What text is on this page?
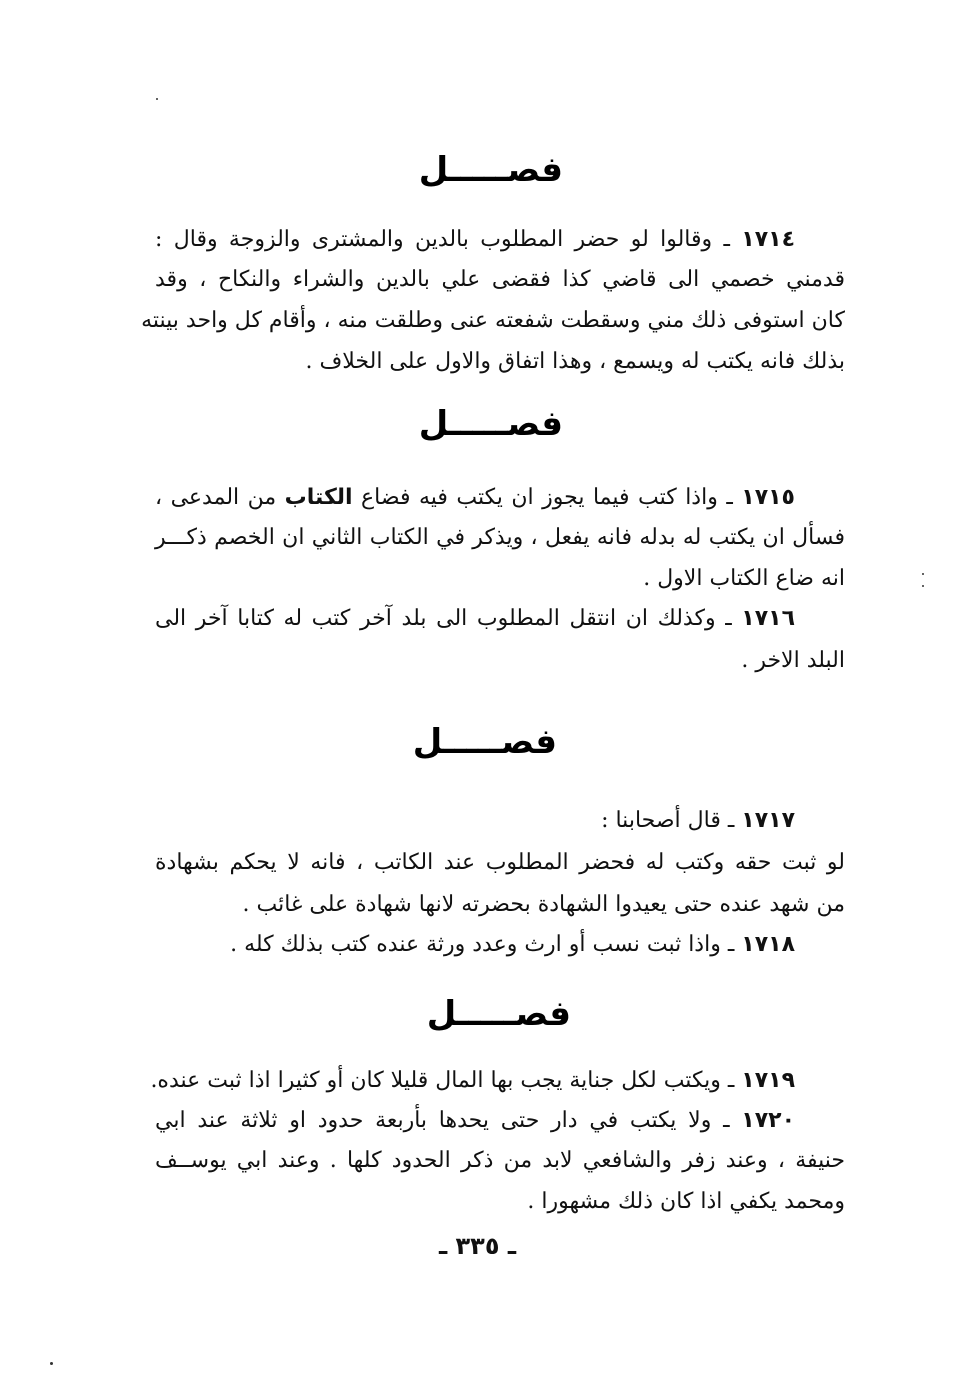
فصـــــل
١٧١٤ ـ وقالوا لو حضر المطلوب بالدين والمشترى والزوجة وقال :
قدمني خصمي الى قاضي كذا فقضى علي بالدين والشراء والنكاح ، وقد
كان استوفى ذلك مني وسقطت شفعته عنى وطلقت منه ، وأقام كل واحد بينته
بذلك فانه يكتب له ويسمع ، وهذا اتفاق والاول على الخلاف .
فصـــــل
١٧١٥ ـ واذا كتب فيما يجوز ان يكتب فيه فضاع الكتاب من المدعى ،
فسأل ان يكتب له بدله فانه يفعل ، ويذكر في الكتاب الثاني ان الخصم ذكـــر
انه ضاع الكتاب الاول .
١٧١٦ ـ وكذلك ان انتقل المطلوب الى بلد آخر كتب له كتابا آخر الى
البلد الاخر .
فصـــــل
١٧١٧ ـ قال أصحابنا :
لو ثبت حقه وكتب له فحضر المطلوب عند الكاتب ، فانه لا يحكم بشهادة
من شهد عنده حتى يعيدوا الشهادة بحضرته لانها شهادة على غائب .
١٧١٨ ـ واذا ثبت نسب أو ارث وعدد ورثة عنده كتب بذلك كله .
فصـــــل
١٧١٩ ـ ويكتب لكل جناية يجب بها المال قليلا كان أو كثيرا اذا ثبت عنده.
١٧٢٠ ـ ولا يكتب في دار حتى يحدها بأربعة حدود او ثلاثة عند ابي
حنيفة ، وعند زفر والشافعي لابد من ذكر الحدود كلها . وعند ابي يوســف
ومحمد يكفي اذا كان ذلك مشهورا .
ـ ٣٣٥ ـ
